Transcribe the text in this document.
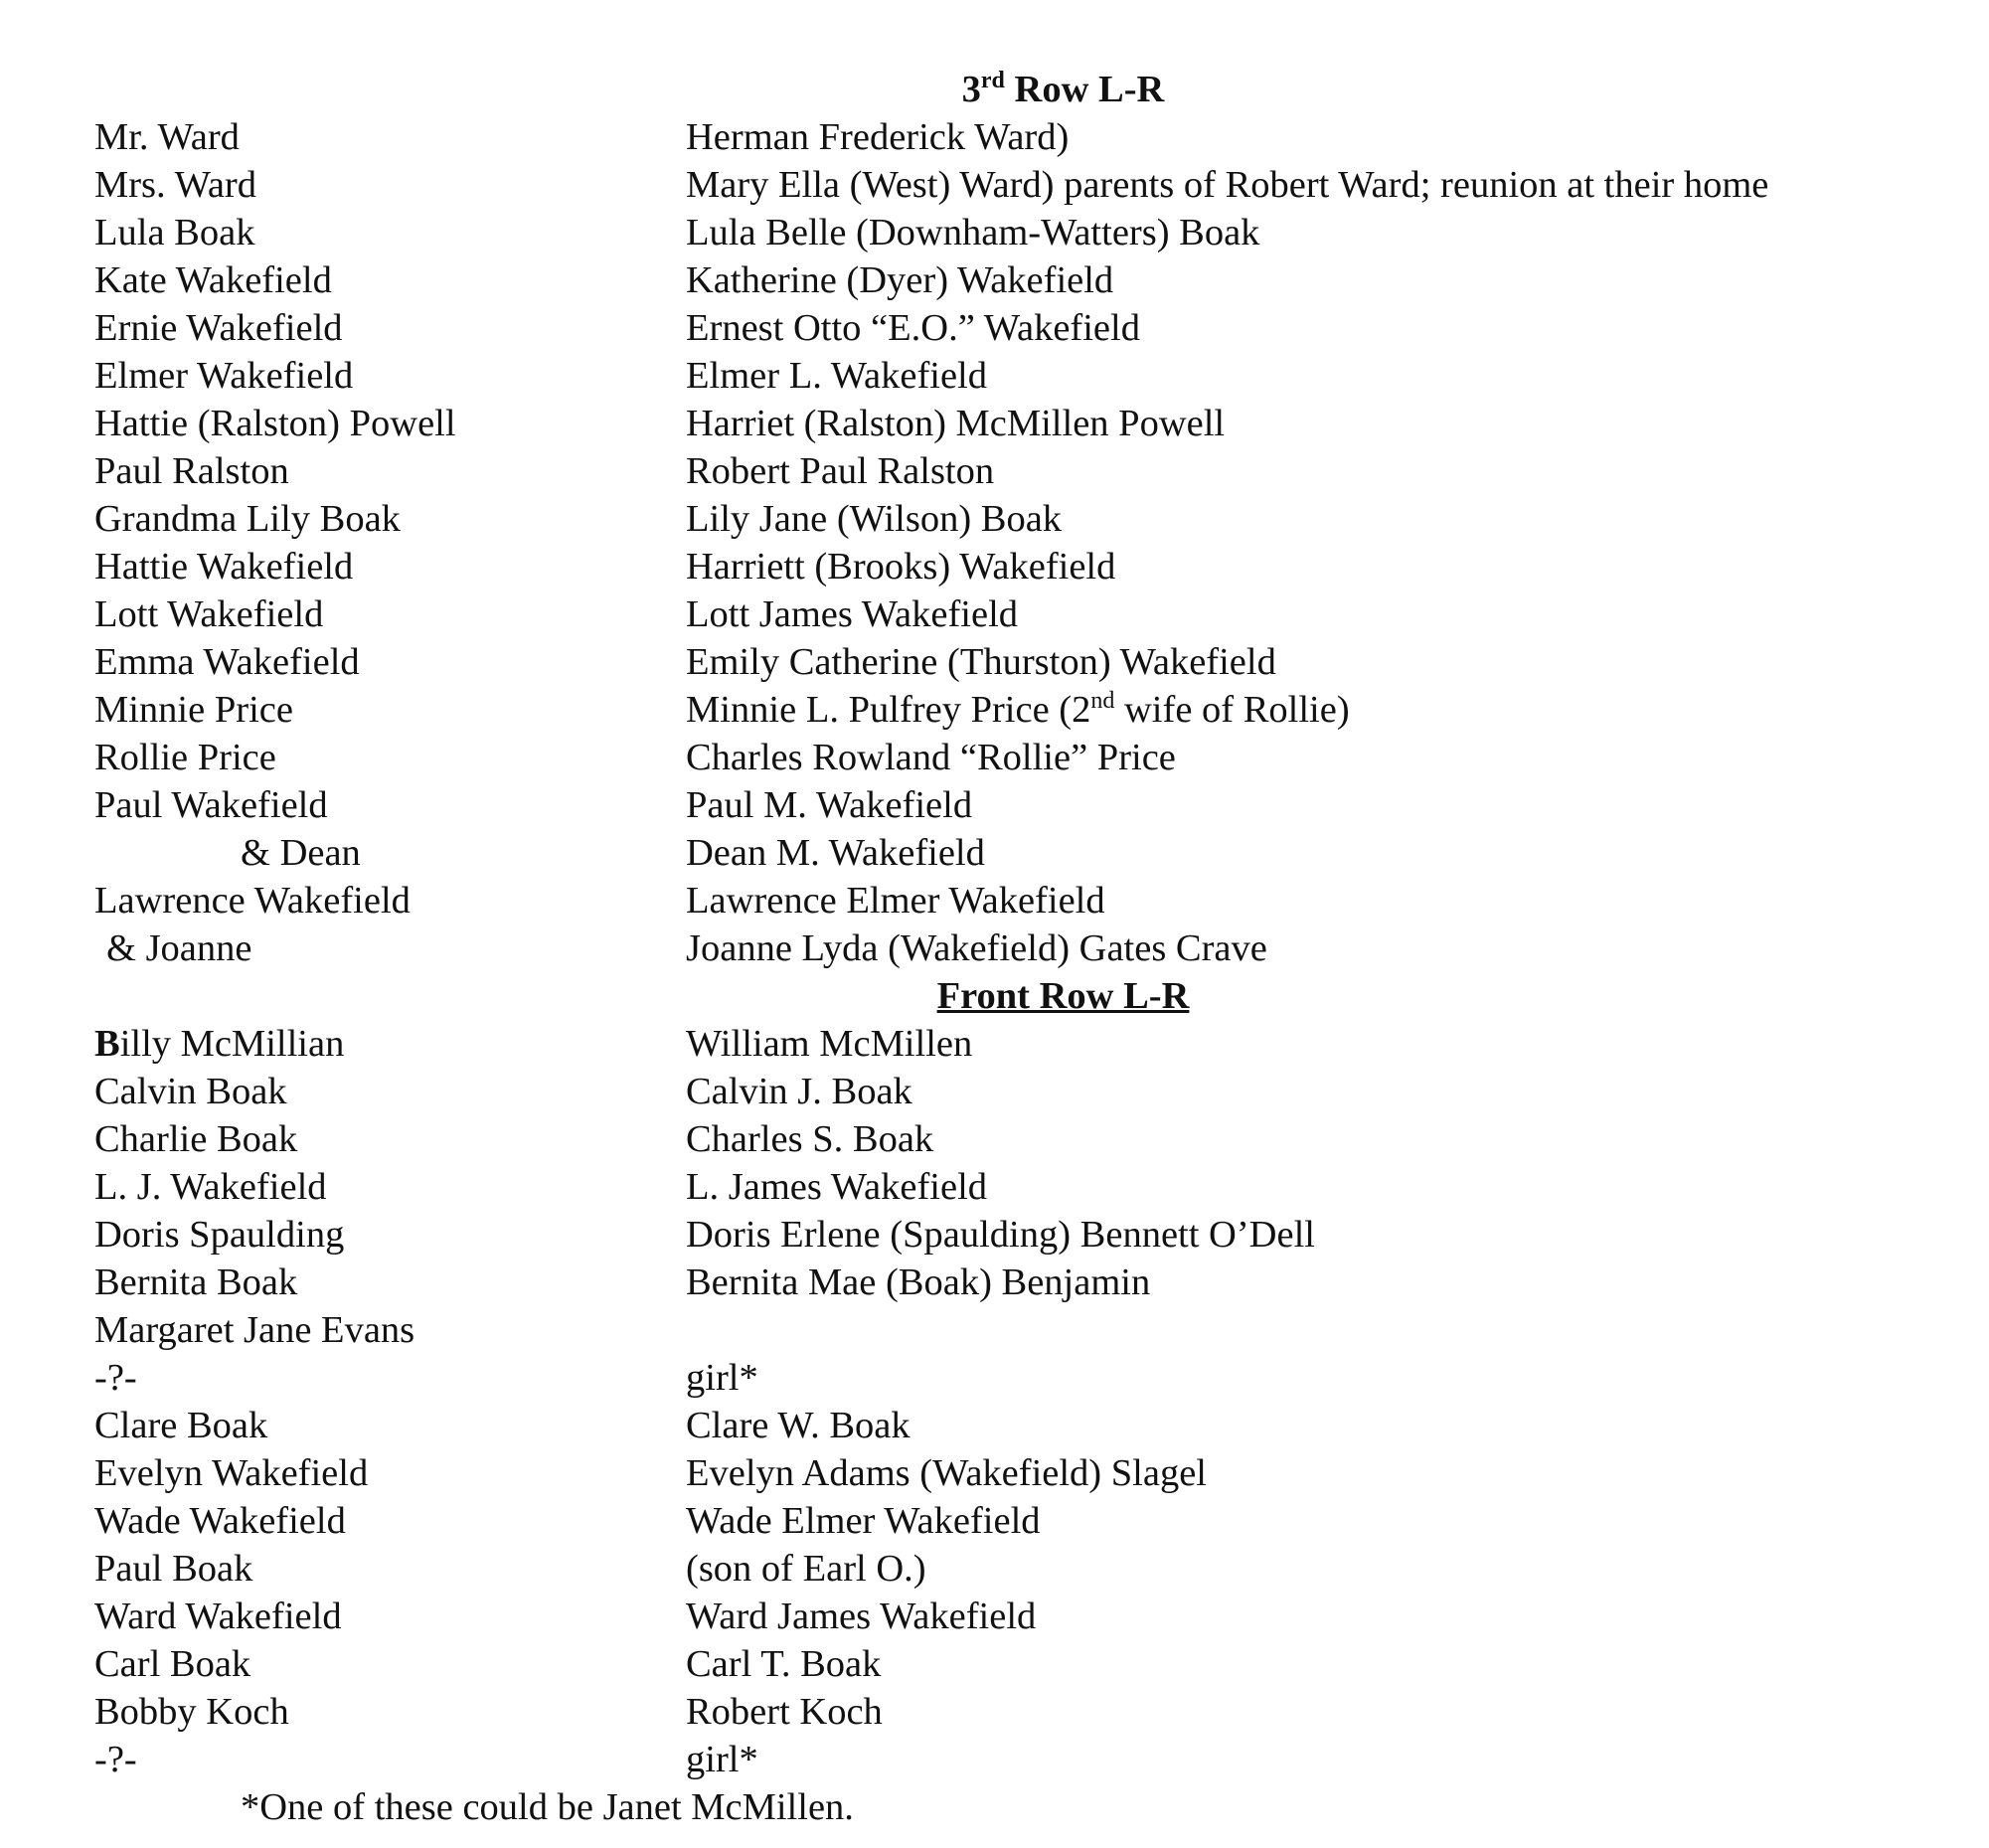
3rd Row L-R
Mr. Ward	Herman Frederick Ward)
Mrs. Ward	Mary Ella (West) Ward) parents of Robert Ward; reunion at their home
Lula Boak	Lula Belle (Downham-Watters) Boak
Kate Wakefield	Katherine (Dyer) Wakefield
Ernie Wakefield	Ernest Otto “E.O.” Wakefield
Elmer Wakefield	Elmer L. Wakefield
Hattie (Ralston) Powell	Harriet (Ralston) McMillen Powell
Paul Ralston	Robert Paul Ralston
Grandma Lily Boak	Lily Jane (Wilson) Boak
Hattie Wakefield	Harriett (Brooks) Wakefield
Lott Wakefield	Lott James Wakefield
Emma Wakefield	Emily Catherine (Thurston) Wakefield
Minnie Price	Minnie L. Pulfrey Price (2nd wife of Rollie)
Rollie Price	Charles Rowland “Rollie” Price
Paul Wakefield	Paul M. Wakefield
& Dean	Dean M. Wakefield
Lawrence Wakefield	Lawrence Elmer Wakefield
& Joanne	Joanne Lyda (Wakefield) Gates Crave
Front Row L-R
Billy McMillian	William McMillen
Calvin Boak	Calvin J. Boak
Charlie Boak	Charles S. Boak
L. J. Wakefield	L. James Wakefield
Doris Spaulding	Doris Erlene (Spaulding) Bennett O’Dell
Bernita Boak	Bernita Mae (Boak) Benjamin
Margaret Jane Evans
-?-	girl*
Clare Boak	Clare W. Boak
Evelyn Wakefield	Evelyn Adams (Wakefield) Slagel
Wade Wakefield	Wade Elmer Wakefield
Paul Boak	(son of Earl O.)
Ward Wakefield	Ward James Wakefield
Carl Boak	Carl T. Boak
Bobby Koch	Robert Koch
-?-	girl*
*One of these could be Janet McMillen.
